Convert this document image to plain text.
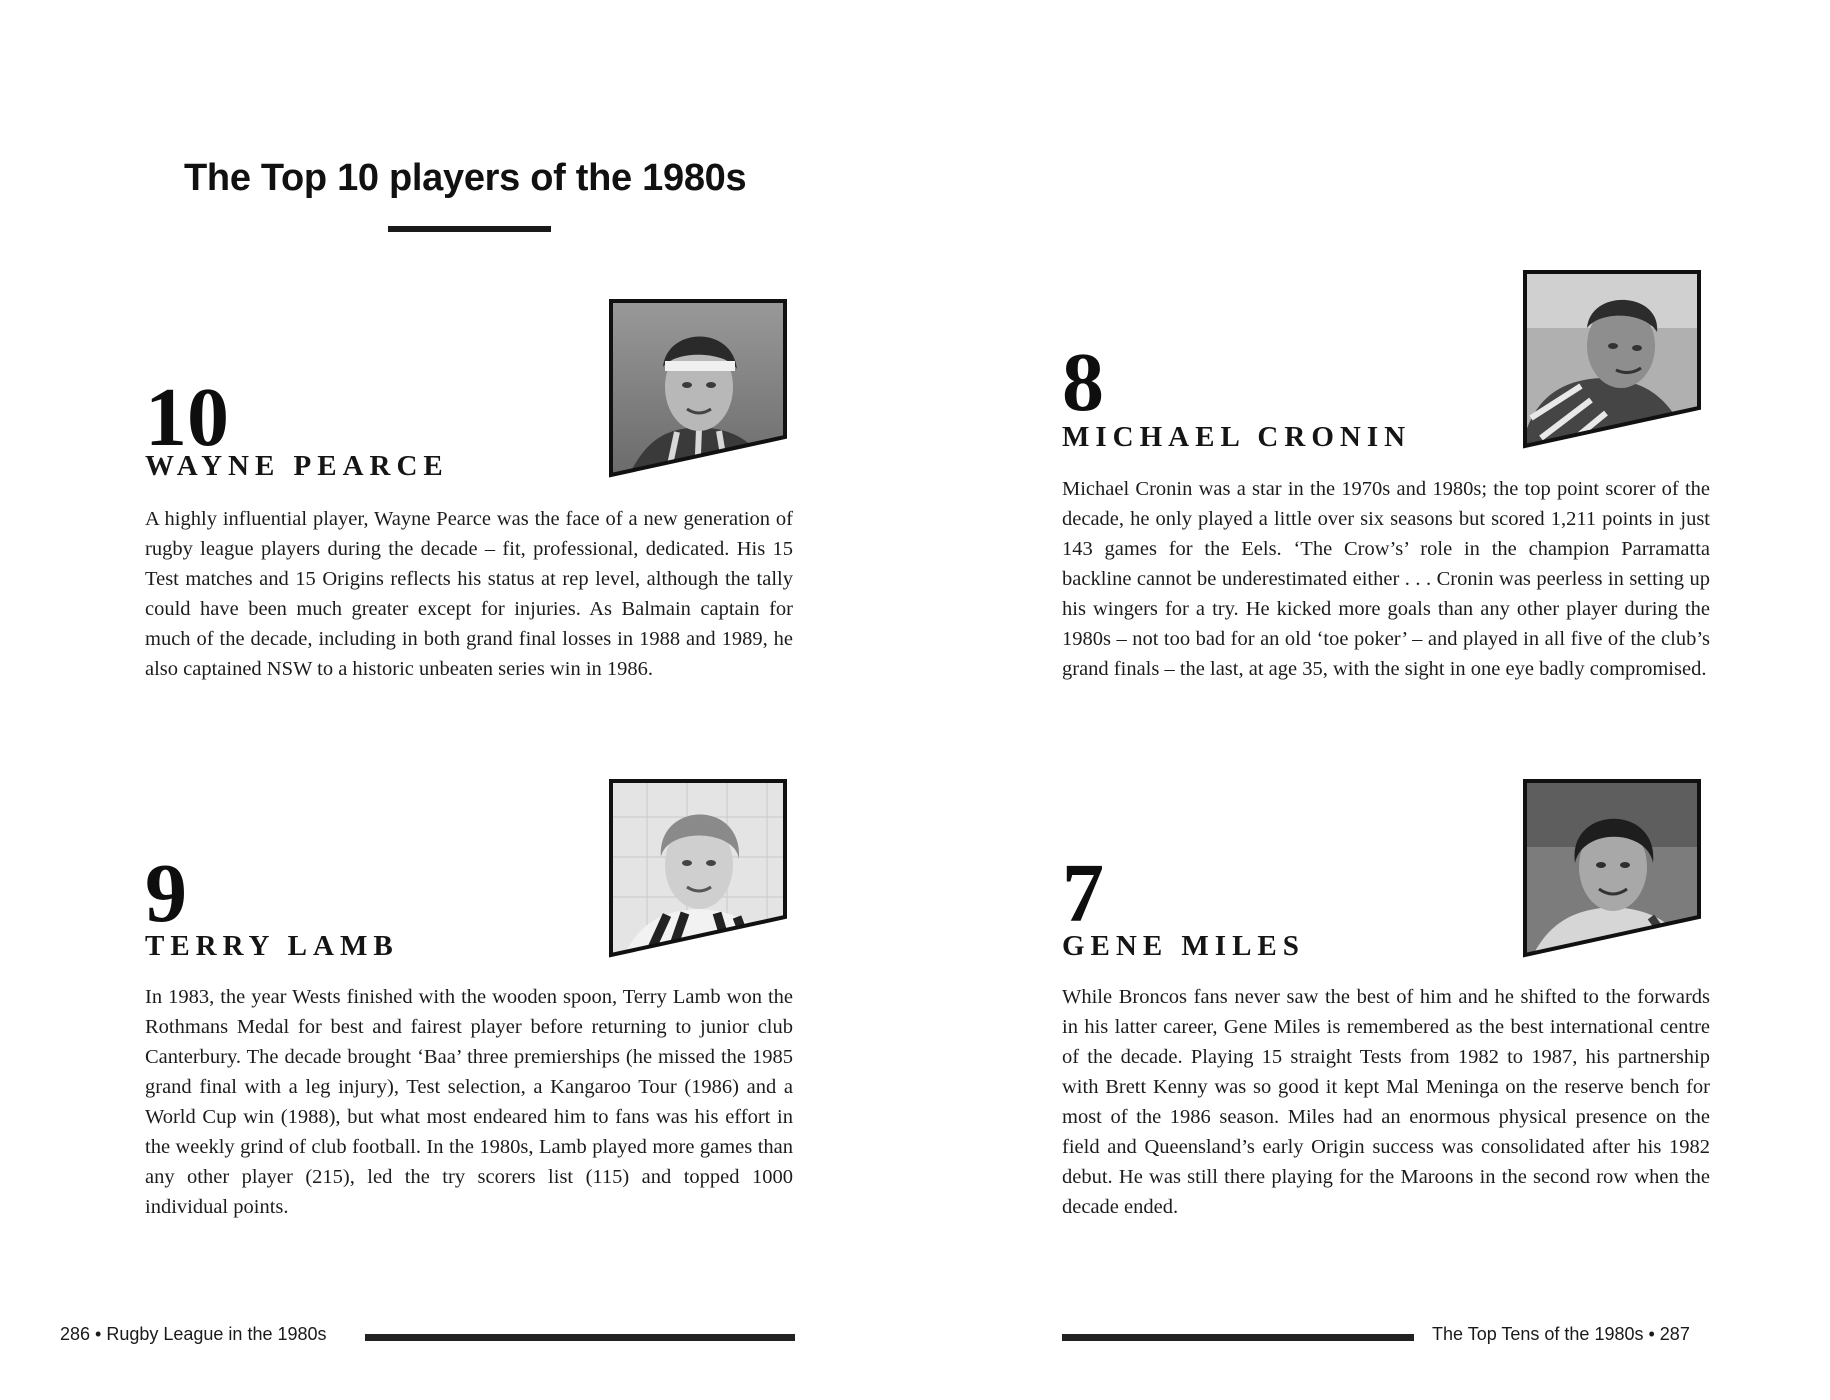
The Top 10 players of the 1980s
10
WAYNE PEARCE

A highly influential player, Wayne Pearce was the face of a new generation of rugby league players during the decade – fit, professional, dedicated. His 15 Test matches and 15 Origins reflects his status at rep level, although the tally could have been much greater except for injuries. As Balmain captain for much of the decade, including in both grand final losses in 1988 and 1989, he also captained NSW to a historic unbeaten series win in 1986.

9
TERRY LAMB

In 1983, the year Wests finished with the wooden spoon, Terry Lamb won the Rothmans Medal for best and fairest player before returning to junior club Canterbury. The decade brought ‘Baa’ three premierships (he missed the 1985 grand final with a leg injury), Test selection, a Kangaroo Tour (1986) and a World Cup win (1988), but what most endeared him to fans was his effort in the weekly grind of club football. In the 1980s, Lamb played more games than any other player (215), led the try scorers list (115) and topped 1000 individual points.

8
MICHAEL CRONIN

Michael Cronin was a star in the 1970s and 1980s; the top point scorer of the decade, he only played a little over six seasons but scored 1,211 points in just 143 games for the Eels. ‘The Crow’s’ role in the champion Parramatta backline cannot be underestimated either . . . Cronin was peerless in setting up his wingers for a try. He kicked more goals than any other player during the 1980s – not too bad for an old ‘toe poker’ – and played in all five of the club’s grand finals – the last, at age 35, with the sight in one eye badly compromised.

7
GENE MILES

While Broncos fans never saw the best of him and he shifted to the forwards in his latter career, Gene Miles is remembered as the best international centre of the decade. Playing 15 straight Tests from 1982 to 1987, his partnership with Brett Kenny was so good it kept Mal Meninga on the reserve bench for most of the 1986 season. Miles had an enormous physical presence on the field and Queensland’s early Origin success was consolidated after his 1982 debut. He was still there playing for the Maroons in the second row when the decade ended.

286 • Rugby League in the 1980s	The Top Tens of the 1980s • 287
